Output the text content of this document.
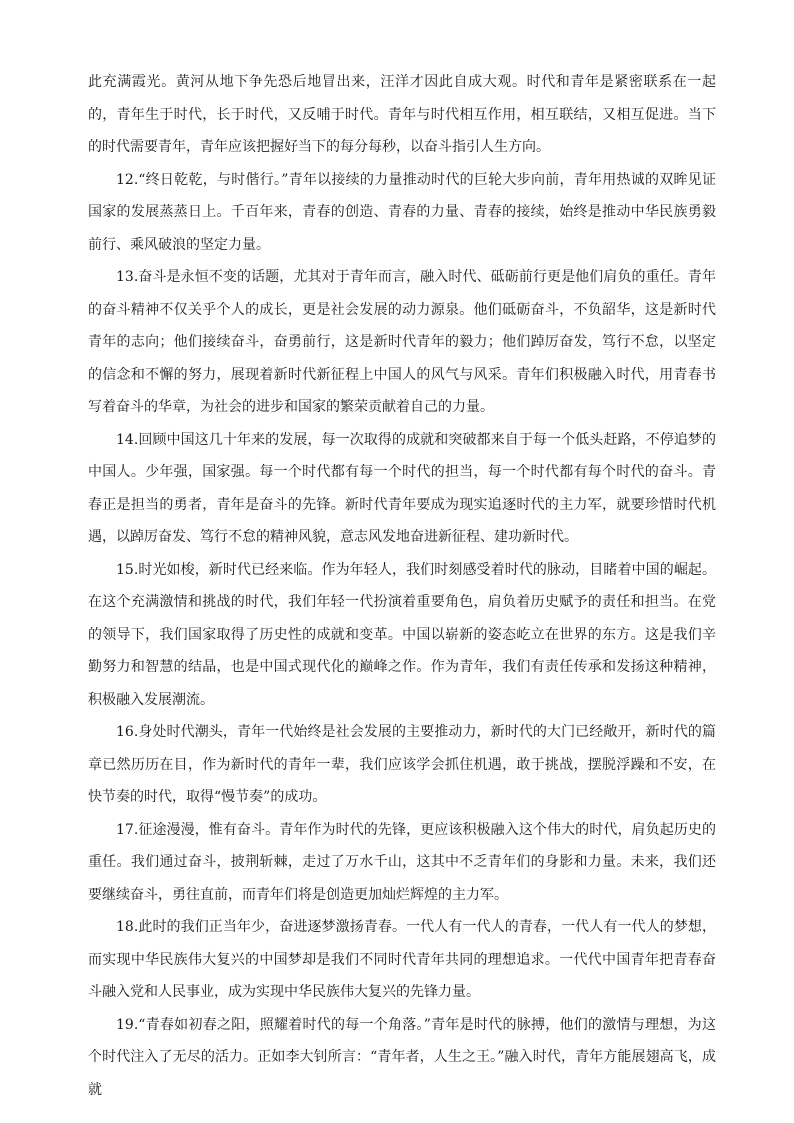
此充满霞光。黄河从地下争先恐后地冒出来，汪洋才因此自成大观。时代和青年是紧密联系在一起的，青年生于时代，长于时代，又反哺于时代。青年与时代相互作用，相互联结，又相互促进。当下的时代需要青年，青年应该把握好当下的每分每秒，以奋斗指引人生方向。

12.“终日乾乾，与时偕行。”青年以接续的力量推动时代的巨轮大步向前，青年用热诚的双眸见证国家的发展蒸蒸日上。千百年来，青春的创造、青春的力量、青春的接续，始终是推动中华民族勇毅前行、乘风破浪的坚定力量。

13.奋斗是永恒不变的话题，尤其对于青年而言，融入时代、砥砺前行更是他们肩负的重任。青年的奋斗精神不仅关乎个人的成长，更是社会发展的动力源泉。他们砥砺奋斗，不负韶华，这是新时代青年的志向；他们接续奋斗，奋勇前行，这是新时代青年的毅力；他们踔厉奋发，笃行不怠，以坚定的信念和不懈的努力，展现着新时代新征程上中国人的风气与风采。青年们积极融入时代，用青春书写着奋斗的华章，为社会的进步和国家的繁荣贡献着自己的力量。

14.回顾中国这几十年来的发展，每一次取得的成就和突破都来自于每一个低头赶路，不停追梦的中国人。少年强，国家强。每一个时代都有每一个时代的担当，每一个时代都有每个时代的奋斗。青春正是担当的勇者，青年是奋斗的先锋。新时代青年要成为现实追逐时代的主力军，就要珍惜时代机遇，以踔厉奋发、笃行不怠的精神风貌，意志风发地奋进新征程、建功新时代。

15.时光如梭，新时代已经来临。作为年轻人，我们时刻感受着时代的脉动，目睹着中国的崛起。在这个充满激情和挑战的时代，我们年轻一代扮演着重要角色，肩负着历史赋予的责任和担当。在党的领导下，我们国家取得了历史性的成就和变革。中国以崭新的姿态屹立在世界的东方。这是我们辛勤努力和智慧的结晶，也是中国式现代化的巅峰之作。作为青年，我们有责任传承和发扬这种精神，积极融入发展潮流。

16.身处时代潮头，青年一代始终是社会发展的主要推动力，新时代的大门已经敞开，新时代的篇章已然历历在目，作为新时代的青年一辈，我们应该学会抓住机遇，敢于挑战，摆脱浮躁和不安，在快节奏的时代，取得“慢节奏”的成功。

17.征途漫漫，惟有奋斗。青年作为时代的先锋，更应该积极融入这个伟大的时代，肩负起历史的重任。我们通过奋斗，披荆斩棘，走过了万水千山，这其中不乏青年们的身影和力量。未来，我们还要继续奋斗，勇往直前，而青年们将是创造更加灿烂辉煌的主力军。

18.此时的我们正当年少，奋进逐梦激扬青春。一代人有一代人的青春，一代人有一代人的梦想，而实现中华民族伟大复兴的中国梦却是我们不同时代青年共同的理想追求。一代代中国青年把青春奋斗融入党和人民事业，成为实现中华民族伟大复兴的先锋力量。

19.“青春如初春之阳，照耀着时代的每一个角落。”青年是时代的脉搏，他们的激情与理想，为这个时代注入了无尽的活力。正如李大钊所言：“青年者，人生之王。”融入时代，青年方能展翅高飞，成就
